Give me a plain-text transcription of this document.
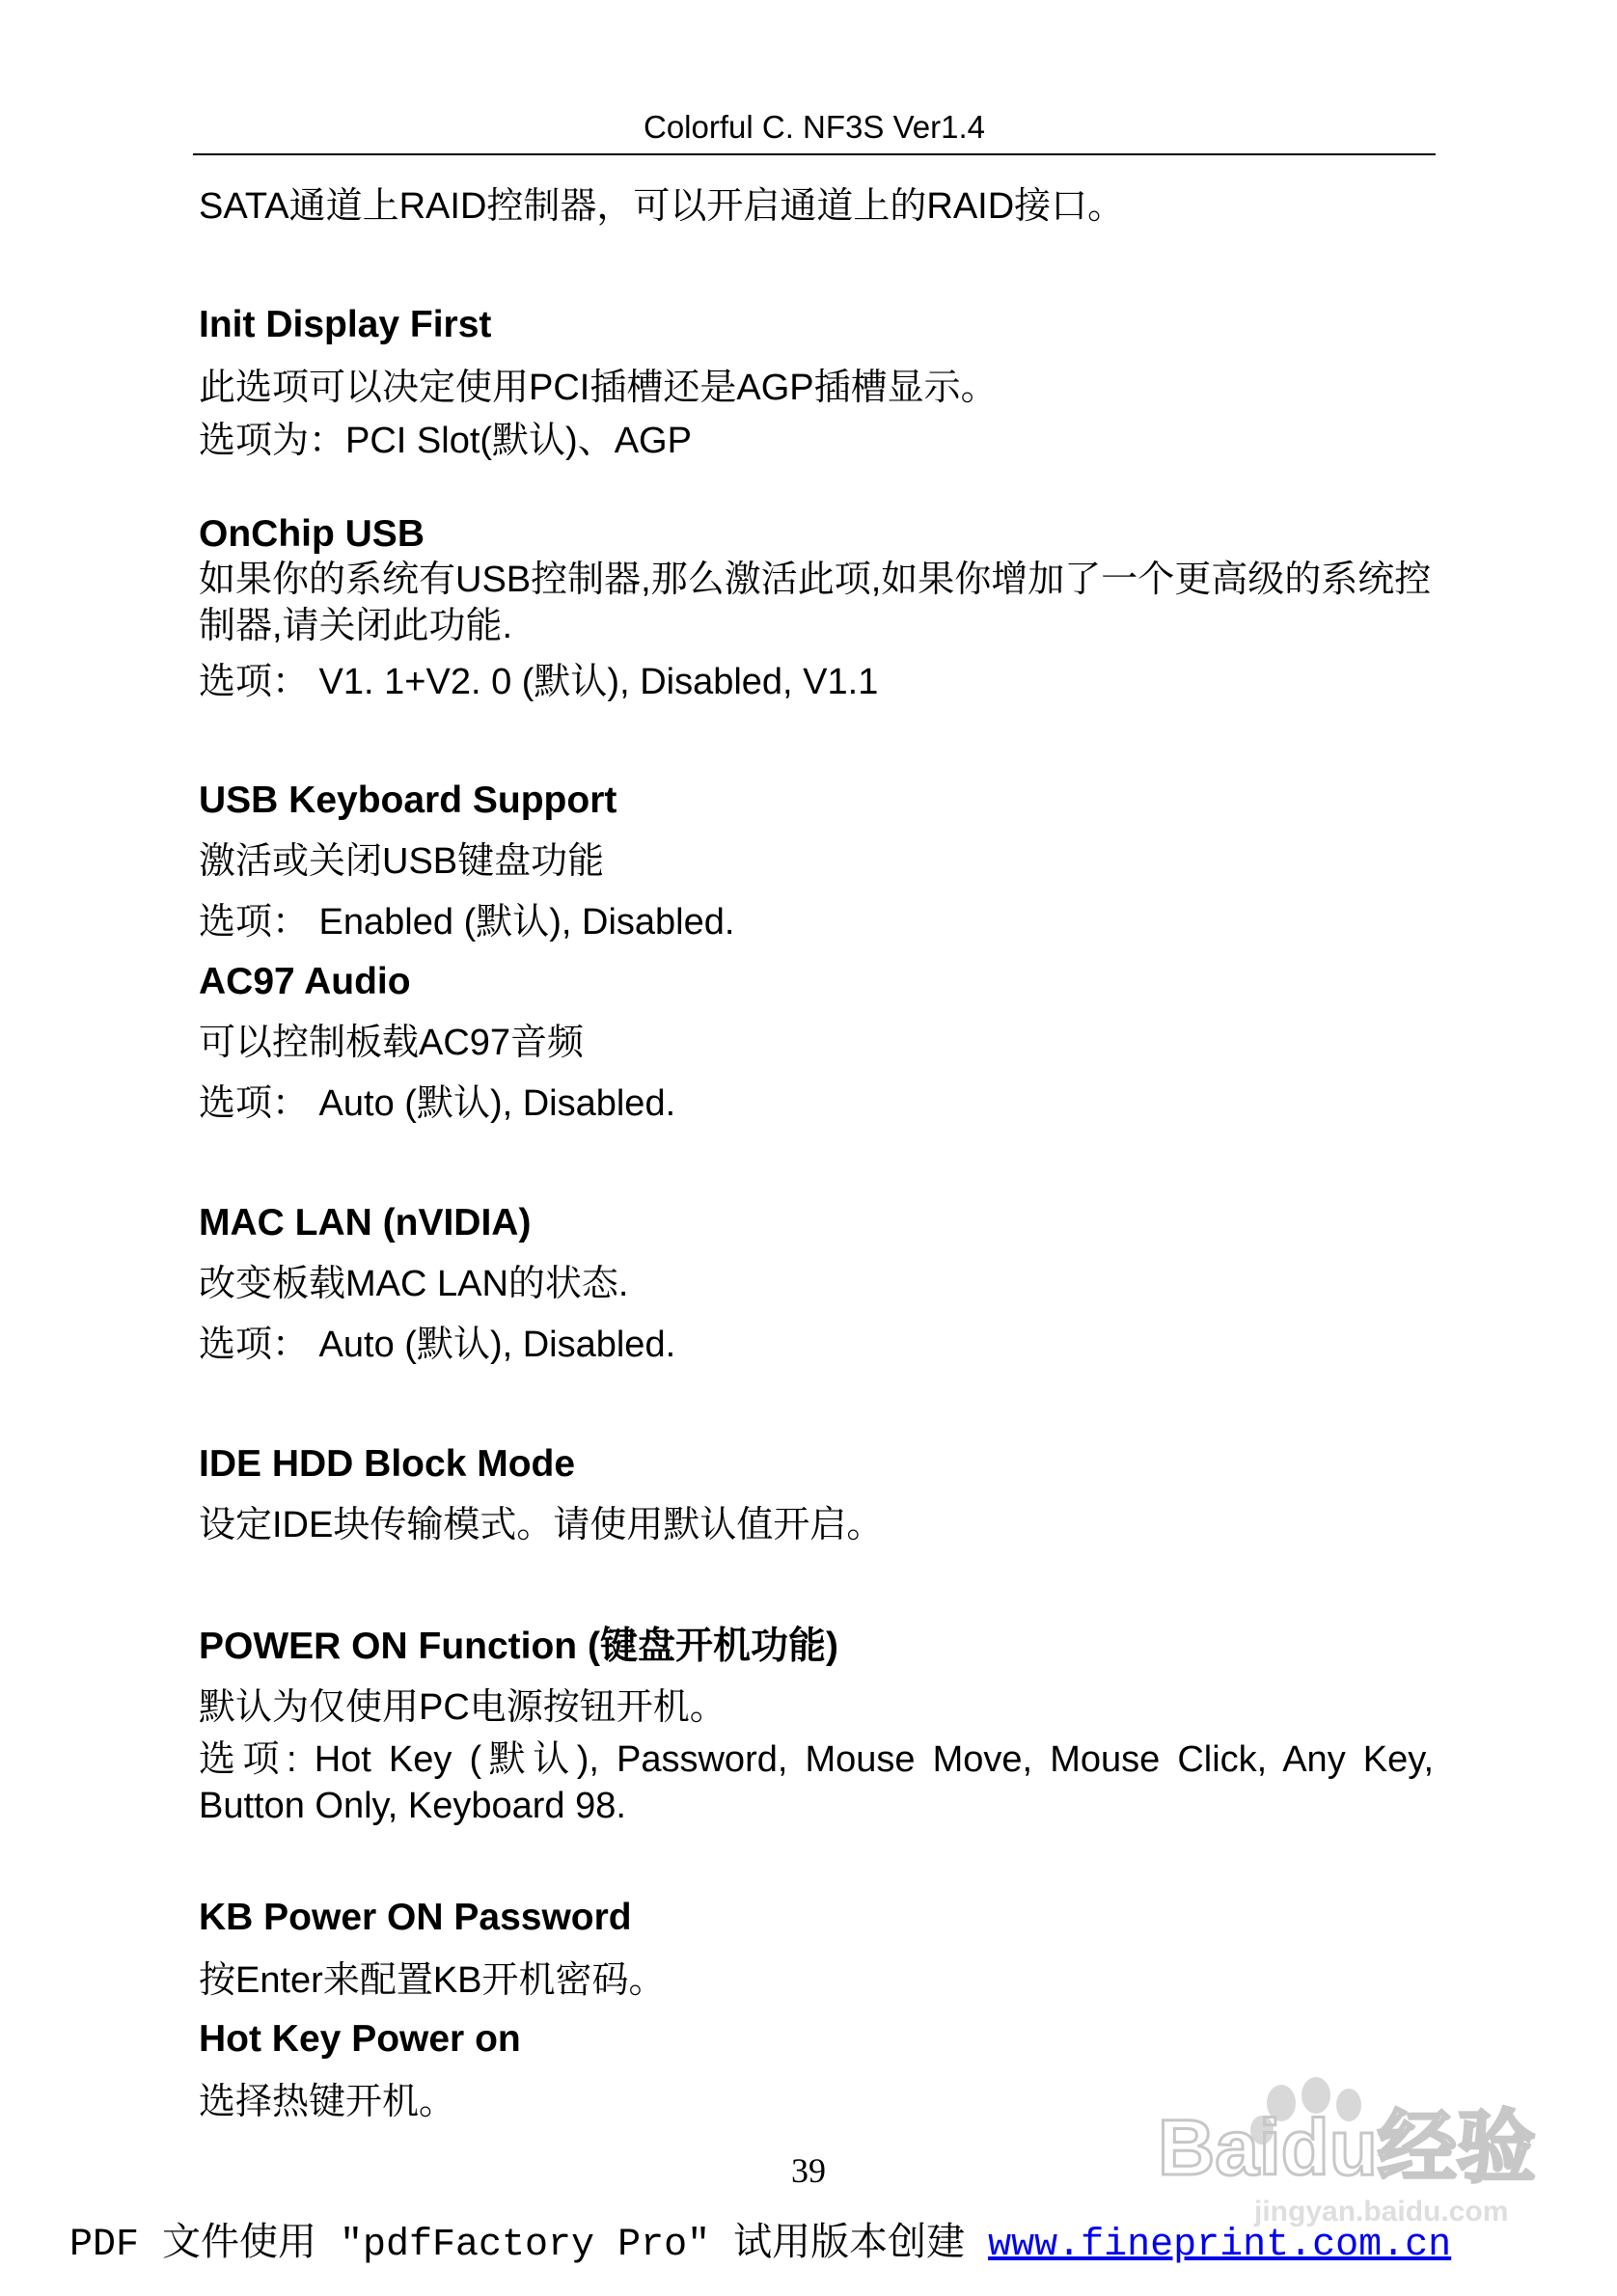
Colorful C. NF3S Ver1.4
SATA通道上RAID控制器，可以开启通道上的RAID接口。
Init Display First
此选项可以决定使用PCI插槽还是AGP插槽显示。
选项为：PCI Slot(默认)、AGP
OnChip USB
如果你的系统有USB控制器,那么激活此项,如果你增加了一个更高级的系统控制器,请关闭此功能.
选项： V1. 1+V2. 0 (默认), Disabled, V1.1
USB Keyboard Support
激活或关闭USB键盘功能
选项： Enabled (默认), Disabled.
AC97 Audio
可以控制板载AC97音频
选项： Auto (默认), Disabled.
MAC LAN (nVIDIA)
改变板载MAC LAN的状态.
选项： Auto (默认), Disabled.
IDE HDD Block Mode
设定IDE块传输模式。请使用默认值开启。
POWER ON Function (键盘开机功能)
默认为仅使用PC电源按钮开机。
选项: Hot Key (默认), Password, Mouse Move, Mouse Click, Any Key, Button Only, Keyboard 98.
KB Power ON Password
按Enter来配置KB开机密码。
Hot Key Power on
选择热键开机。
39
PDF 文件使用 "pdfFactory Pro" 试用版本创建 www.fineprint.com.cn
Baidu经验
jingyan.baidu.com
